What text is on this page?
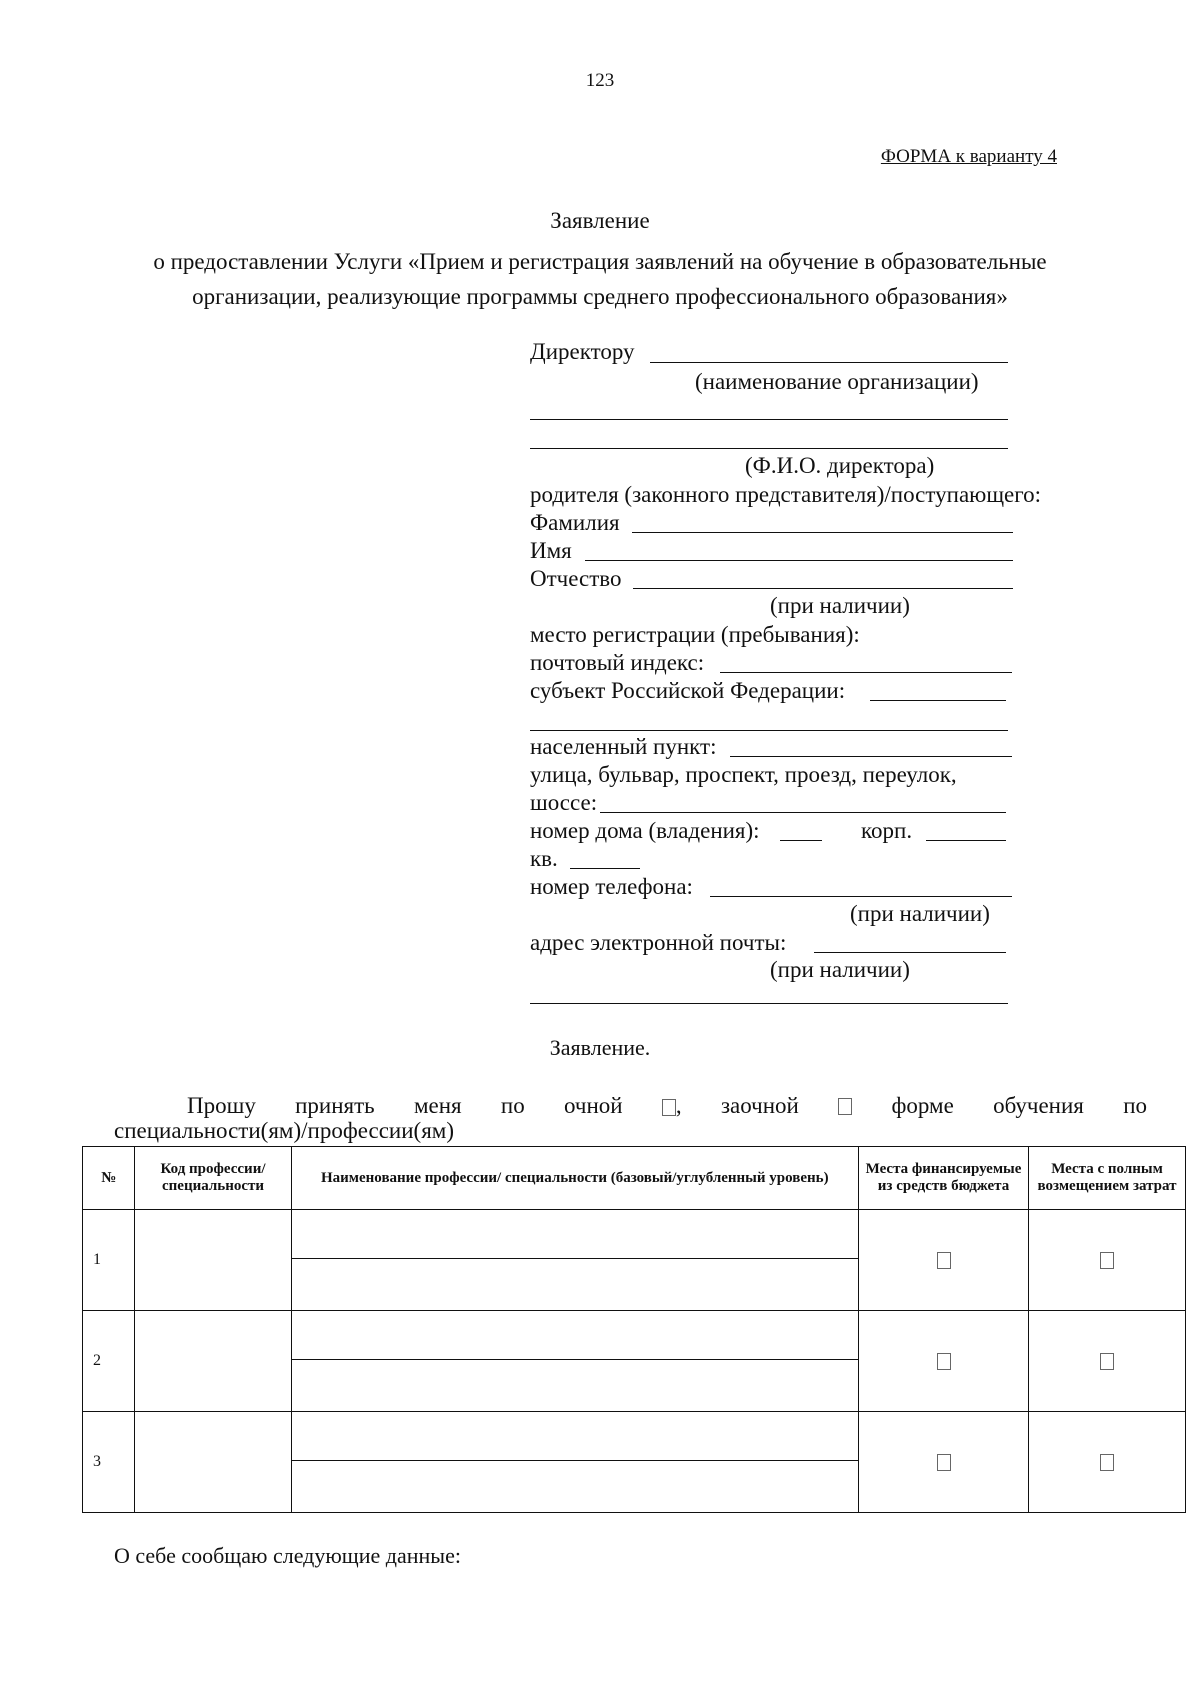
123
ФОРМА к варианту 4
Заявление
о предоставлении Услуги «Прием и регистрация заявлений на обучение в образовательные
организации, реализующие программы среднего профессионального образования»
Директору
(наименование организации)
(Ф.И.О. директора)
родителя (законного представителя)/поступающего:
Фамилия
Имя
Отчество
(при наличии)
место регистрации (пребывания):
почтовый индекс:
субъект Российской Федерации:
населенный пункт:
улица, бульвар, проспект, проезд, переулок,
шоссе:
номер дома (владения):	корп.
кв.
номер телефона:
(при наличии)
адрес электронной почты:
(при наличии)
Заявление.
Прошу принять меня по очной	, заочной	форме обучения по
специальности(ям)/профессии(ям)
№	Код профессии/ специальности	Наименование профессии/ специальности (базовый/углубленный уровень)	Места финансируемые из средств бюджета	Места с полным возмещением затрат
1		

2		

3		

О себе сообщаю следующие данные:
